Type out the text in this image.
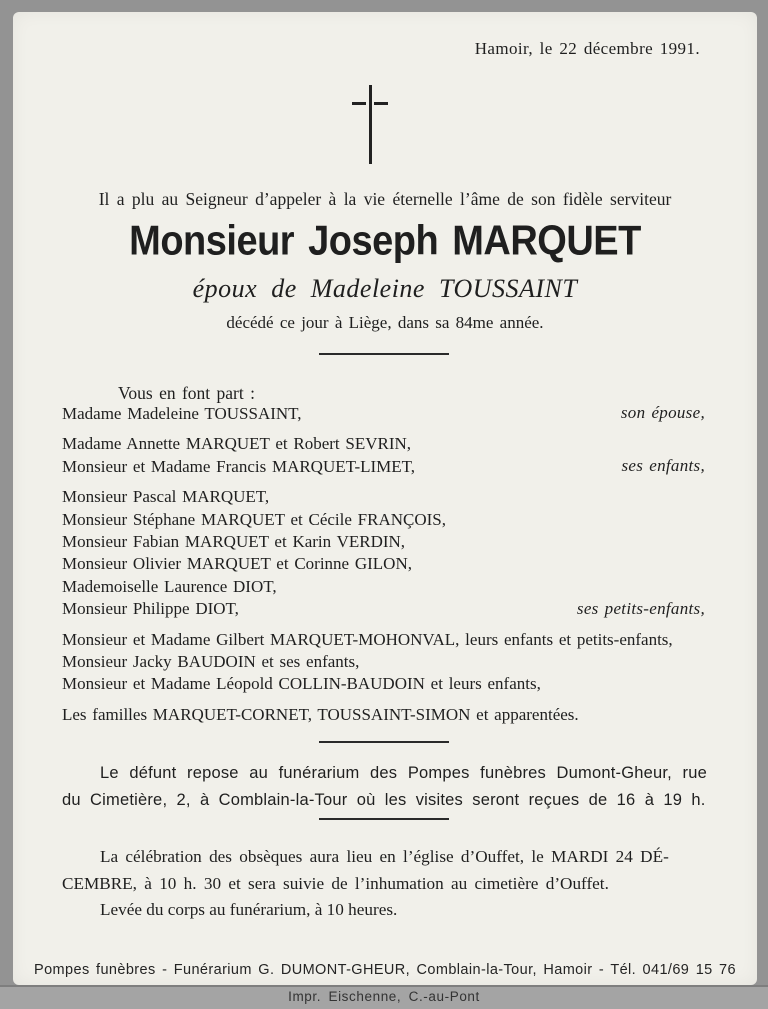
Hamoir, le 22 décembre 1991.
Il a plu au Seigneur d’appeler à la vie éternelle l’âme de son fidèle serviteur
Monsieur Joseph MARQUET
époux de Madeleine TOUSSAINT
décédé ce jour à Liège, dans sa 84me année.
Vous en font part :
Madame Madeleine TOUSSAINT,	son épouse,
Madame Annette MARQUET et Robert SEVRIN,
Monsieur et Madame Francis MARQUET-LIMET,	ses enfants,
Monsieur Pascal MARQUET,
Monsieur Stéphane MARQUET et Cécile FRANÇOIS,
Monsieur Fabian MARQUET et Karin VERDIN,
Monsieur Olivier MARQUET et Corinne GILON,
Mademoiselle Laurence DIOT,
Monsieur Philippe DIOT,	ses petits-enfants,
Monsieur et Madame Gilbert MARQUET-MOHONVAL, leurs enfants et petits-enfants,
Monsieur Jacky BAUDOIN et ses enfants,
Monsieur et Madame Léopold COLLIN-BAUDOIN et leurs enfants,
Les familles MARQUET-CORNET, TOUSSAINT-SIMON et apparentées.
Le défunt repose au funérarium des Pompes funèbres Dumont-Gheur, rue du Cimetière, 2, à Comblain-la-Tour où les visites seront reçues de 16 à 19 h.
La célébration des obsèques aura lieu en l’église d’Ouffet, le MARDI 24 DÉ-
CEMBRE, à 10 h. 30 et sera suivie de l’inhumation au cimetière d’Ouffet.
Levée du corps au funérarium, à 10 heures.
Pompes funèbres - Funérarium G. DUMONT-GHEUR, Comblain-la-Tour, Hamoir - Tél. 041/69 15 76
Impr. Eischenne, C.-au-Pont
